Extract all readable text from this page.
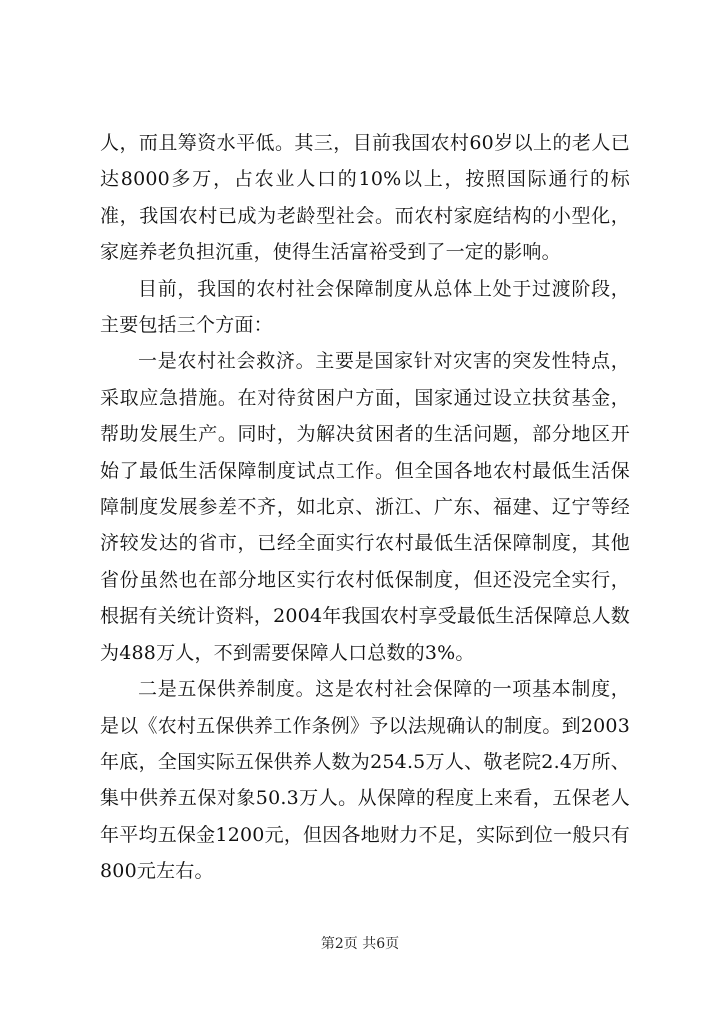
人，而且筹资水平低。其三，目前我国农村60岁以上的老人已达8000多万，占农业人口的10%以上，按照国际通行的标准，我国农村已成为老龄型社会。而农村家庭结构的小型化，家庭养老负担沉重，使得生活富裕受到了一定的影响。

目前，我国的农村社会保障制度从总体上处于过渡阶段，主要包括三个方面：

一是农村社会救济。主要是国家针对灾害的突发性特点，采取应急措施。在对待贫困户方面，国家通过设立扶贫基金，帮助发展生产。同时，为解决贫困者的生活问题，部分地区开始了最低生活保障制度试点工作。但全国各地农村最低生活保障制度发展参差不齐，如北京、浙江、广东、福建、辽宁等经济较发达的省市，已经全面实行农村最低生活保障制度，其他省份虽然也在部分地区实行农村低保制度，但还没完全实行，根据有关统计资料，2004年我国农村享受最低生活保障总人数为488万人，不到需要保障人口总数的3%。

二是五保供养制度。这是农村社会保障的一项基本制度，是以《农村五保供养工作条例》予以法规确认的制度。到2003年底，全国实际五保供养人数为254.5万人、敬老院2.4万所、集中供养五保对象50.3万人。从保障的程度上来看，五保老人年平均五保金1200元，但因各地财力不足，实际到位一般只有800元左右。

第2页 共6页
